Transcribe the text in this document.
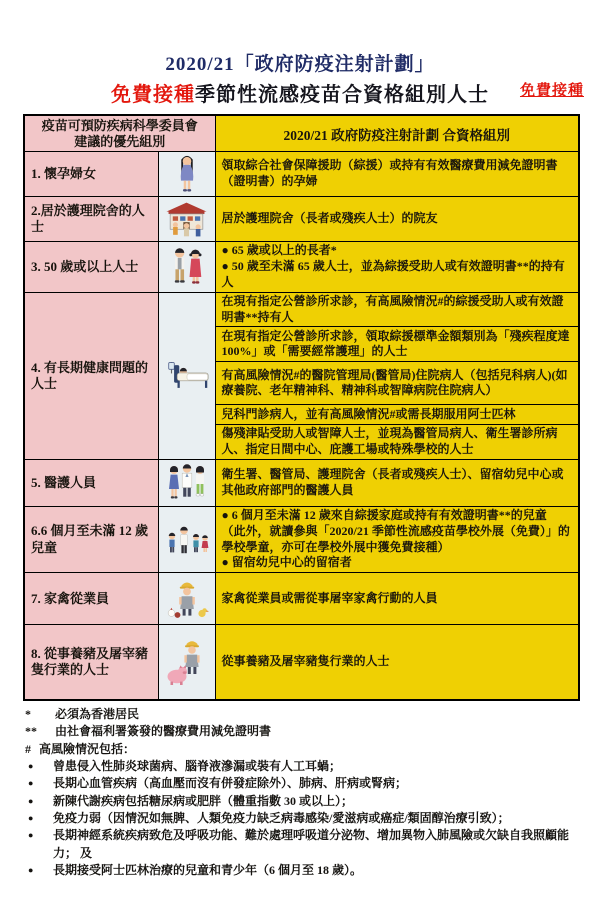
免費接種
2020/21「政府防疫注射計劃」
免費接種季節性流感疫苗合資格組別人士
疫苗可預防疾病科學委員會
建議的優先組別		2020/21 政府防疫注射計劃 合資格組別
1. 懷孕婦女		領取綜合社會保障援助（綜援）或持有有效醫療費用減免證明書（證明書）的孕婦

2.居於護理院舍的人士		居於護理院舍（長者或殘疾人士）的院友

3. 50 歲或以上人士		● 65 歲或以上的長者*
● 50 歲至未滿 65 歲人士，並為綜援受助人或有效證明書**的持有人

4. 有長期健康問題的人士		在現有指定公營診所求診，有高風險情況#的綜援受助人或有效證明書**持有人

		在現有指定公營診所求診，領取綜援標準金額類別為「殘疾程度達100%」或「需要經常護理」的人士

		有高風險情況#的醫院管理局(醫管局)住院病人（包括兒科病人)(如療養院、老年精神科、精神科或智障病院住院病人）

		兒科門診病人，並有高風險情況#或需長期服用阿士匹林

		傷殘津貼受助人或智障人士，並現為醫管局病人、衛生署診所病人、指定日間中心、庇護工場或特殊學校的人士

5. 醫護人員		衛生署、醫管局、護理院舍（長者或殘疾人士）、留宿幼兒中心或其他政府部門的醫護人員

6.6 個月至未滿 12 歲兒童		● 6 個月至未滿 12 歲來自綜援家庭或持有有效證明書**的兒童
（此外，就讀參與「2020/21 季節性流感疫苗學校外展（免費）」的學校學童，亦可在學校外展中獲免費接種）
● 留宿幼兒中心的留宿者

7. 家禽從業員		家禽從業員或需從事屠宰家禽行動的人員

8. 從事養豬及屠宰豬隻行業的人士		從事養豬及屠宰豬隻行業的人士
*	必須為香港居民
**	由社會福利署簽發的醫療費用減免證明書
# 高風險情況包括：
●	曾患侵入性肺炎球菌病、腦脊液滲漏或裝有人工耳蝸；
●	長期心血管疾病（高血壓而沒有併發症除外）、肺病、肝病或腎病；
●	新陳代謝疾病包括糖尿病或肥胖（體重指數 30 或以上）；
●	免疫力弱（因情況如無脾、人類免疫力缺乏病毒感染/愛滋病或癌症/類固醇治療引致）；
●	長期神經系統疾病致危及呼吸功能、難於處理呼吸道分泌物、增加異物入肺風險或欠缺自我照顧能力； 及
●	長期接受阿士匹林治療的兒童和青少年（6 個月至 18 歲）。
